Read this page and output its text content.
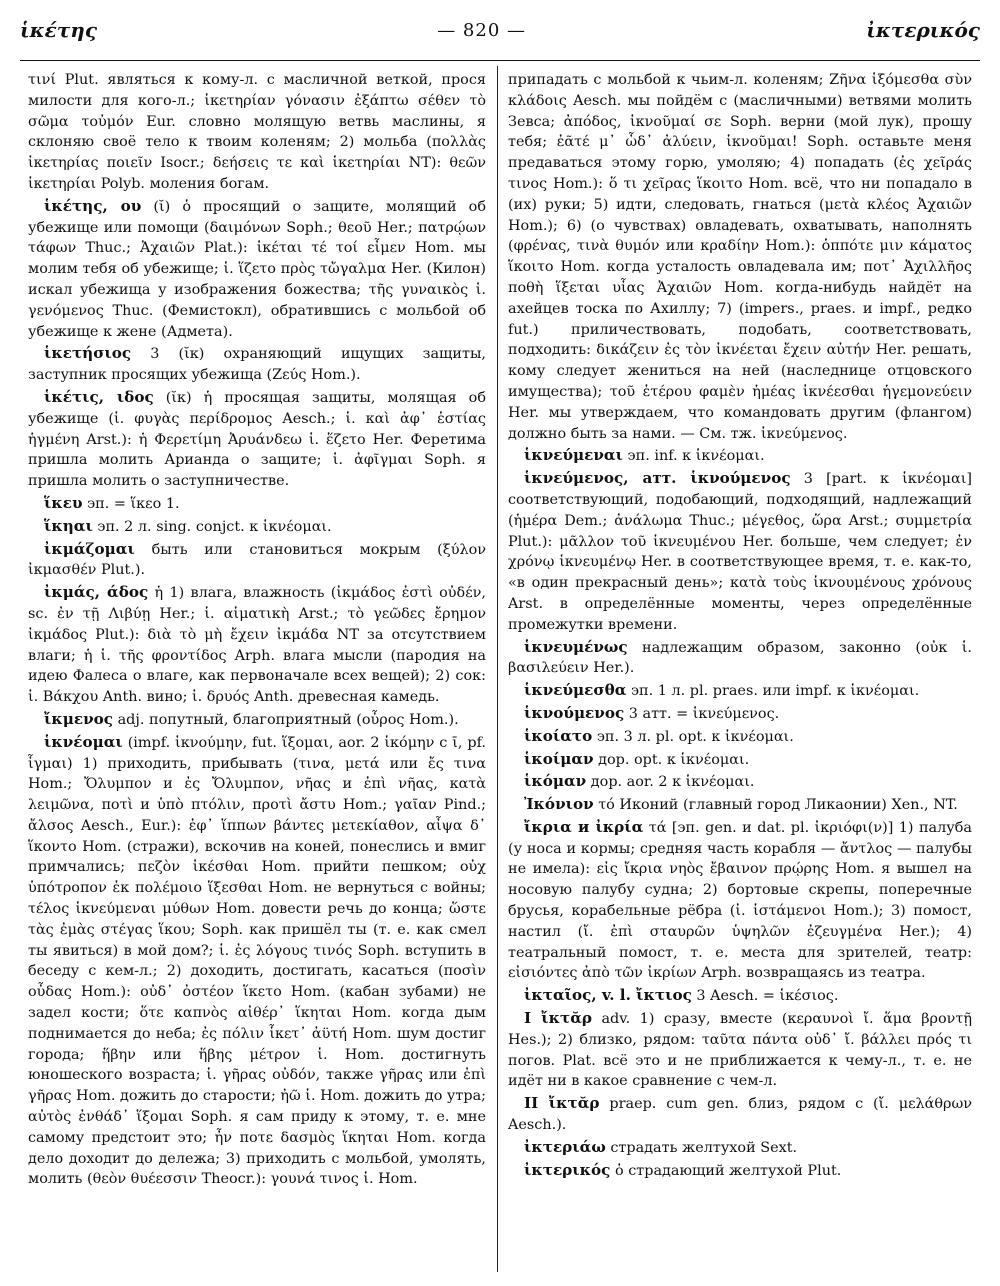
ἱκέτης	— 820 —	ἰκτερικός

τινί Plut. являться к кому-л. с масличной веткой, прося милости для кого-л.; ἱκετηρίαν γόνασιν ἐξάπτω σέθεν τὸ σῶμα τοὐμόν Eur. словно молящую ветвь маслины, я склоняю своё тело к твоим коленям; 2) мольба (πολλὰς ἱκετηρίας ποιεῖν Isocr.; δεήσεις τε καὶ ἱκετηρίαι NT): θεῶν ἱκετηρίαι Polyb. моления богам.

ἱκέτης, ου (ῐ) ὁ просящий о защите, молящий об убежище или помощи (δαιμόνων Soph.; θεοῦ Her.; πατρῴων τάφων Thuc.; Ἀχαιῶν Plat.): ἱκέται τέ τοί εἶμεν Hom. мы молим тебя об убежище; ἱ. ἵζετο πρὸς τὤγαλμα Her. (Килон) искал убежища у изображения божества; τῆς γυναικὸς ἱ. γενόμενος Thuc. (Фемистокл), обратившись с мольбой об убежище к жене (Адмета).

ἱκετήσιος 3 (ῐκ) охраняющий ищущих защиты, заступник просящих убежища (Ζεύς Hom.).

ἱκέτις, ιδος (ῐκ) ἡ просящая защиты, молящая об убежище (ἱ. φυγὰς περίδρομος Aesch.; ἱ. καὶ ἀφ᾽ ἑστίας ἡγμένη Arst.): ἡ Φερετίμη Ἀρυάνδεω ἱ. ἕζετο Her. Феретима пришла молить Арианда о защите; ἱ. ἀφῖγμαι Soph. я пришла молить о заступничестве.

ἵκευ эп. = ἵκεο 1.

ἵκηαι эп. 2 л. sing. conjct. к ἱκνέομαι.

ἰκμάζομαι быть или становиться мокрым (ξύλον ἰκμασθέν Plut.).

ἰκμάς, άδος ἡ 1) влага, влажность (ἰκμάδος ἐστὶ οὐδέν, sc. ἐν τῇ Λιβύῃ Her.; ἱ. αἱματικὴ Arst.; τὸ γεῶδες ἔρημον ἰκμάδος Plut.): διὰ τὸ μὴ ἔχειν ἰκμάδα NT за отсутствием влаги; ἡ ἱ. τῆς φροντίδος Arph. влага мысли (пародия на идею Фалеса о влаге, как первоначале всех вещей); 2) сок: ἱ. Βάκχου Anth. вино; ἱ. δρυός Anth. древесная камедь.

ἴκμενος adj. попутный, благоприятный (οὖρος Hom.).

ἱκνέομαι (impf. ἱκνούμην, fut. ἵξομαι, aor. 2 ἱκόμην с ῑ, pf. ἷγμαι) 1) приходить, прибывать (τινα, μετά или ἔς τινα Hom.; Ὄλυμπον и ἐς Ὄλυμπον, νῆας и ἐπὶ νῆας, κατὰ λειμῶνα, ποτὶ и ὑπὸ πτόλιν, προτὶ ἄστυ Hom.; γαῖαν Pind.; ἄλσος Aesch., Eur.): ἐφ᾽ ἵππων βάντες μετεκίαθον, αἶψα δ᾽ ἵκοντο Hom. (стражи), вскочив на коней, понеслись и вмиг примчались; πεζὸν ἱκέσθαι Hom. прийти пешком; οὐχ ὑπότροπον ἐκ πολέμοιο ἵξεσθαι Hom. не вернуться с войны; τέλος ἱκνεύμεναι μύθων Hom. довести речь до конца; ὥστε τὰς ἐμὰς στέγας ἵκου; Soph. как пришёл ты (т. е. как смел ты явиться) в мой дом?; ἱ. ἐς λόγους τινός Soph. вступить в беседу с кем-л.; 2) доходить, достигать, касаться (ποσὶν οὖδας Hom.): οὐδ᾽ ὀστέον ἵκετο Hom. (кабан зубами) не задел кости; ὅτε καπνὸς αἰθέρ᾽ ἵκηται Hom. когда дым поднимается до неба; ἐς πόλιν ἷκετ᾽ ἀϋτή Hom. шум достиг города; ἥβην или ἥβης μέτρον ἱ. Hom. достигнуть юношеского возраста; ἱ. γῆρας οὐδόν, также γῆρας или ἐπὶ γῆρας Hom. дожить до старости; ἠῶ ἱ. Hom. дожить до утра; αὐτὸς ἐνθάδ᾽ ἵξομαι Soph. я сам приду к этому, т. е. мне самому предстоит это; ἦν ποτε δασμὸς ἵκηται Hom. когда дело доходит до дележа; 3) приходить с мольбой, умолять, молить (θεὸν θυέεσσιν Theocr.): γουνά τινος ἱ. Hom.

припадать с мольбой к чьим-л. коленям; Ζῆνα ἱξόμεσθα σὺν κλάδοις Aesch. мы пойдём с (масличными) ветвями молить Зевса; ἀπόδος, ἱκνοῦμαί σε Soph. верни (мой лук), прошу тебя; ἐᾶτέ μ᾽ ὧδ᾽ ἀλύειν, ἱκνοῦμαι! Soph. оставьте меня предаваться этому горю, умоляю; 4) попадать (ἐς χεῖράς τινος Hom.): ὅ τι χεῖρας ἵκοιτο Hom. всё, что ни попадало в (их) руки; 5) идти, следовать, гнаться (μετὰ κλέος Ἀχαιῶν Hom.); 6) (о чувствах) овладевать, охватывать, наполнять (φρένας, τινὰ θυμόν или κραδίην Hom.): ὁππότε μιν κάματος ἵκοιτο Hom. когда усталость овладевала им; ποτ᾽ Ἀχιλλῆος ποθὴ ἵξεται υἷας Ἀχαιῶν Hom. когда-нибудь найдёт на ахейцев тоска по Ахиллу; 7) (impers., praes. и impf., редко fut.) приличествовать, подобать, соответствовать, подходить: δικάζειν ἐς τὸν ἱκνέεται ἔχειν αὐτήν Her. решать, кому следует жениться на ней (наследнице отцовского имущества); τοῦ ἑτέρου φαμὲν ἡμέας ἱκνέεσθαι ἡγεμονεύειν Her. мы утверждаем, что командовать другим (флангом) должно быть за нами. — См. тж. ἱκνεύμενος.

ἱκνεύμεναι эп. inf. к ἱκνέομαι.

ἱκνεύμενος, атт. ἱκνούμενος 3 [part. к ἱκνέομαι] соответствующий, подобающий, подходящий, надлежащий (ἡμέρα Dem.; ἀνάλωμα Thuc.; μέγεθος, ὥρα Arst.; συμμετρία Plut.): μᾶλλον τοῦ ἱκνευμένου Her. больше, чем следует; ἐν χρόνῳ ἱκνευμένῳ Her. в соответствующее время, т. е. как-то, «в один прекрасный день»; κατὰ τοὺς ἱκνουμένους χρόνους Arst. в определённые моменты, через определённые промежутки времени.

ἱκνευμένως надлежащим образом, законно (οὐκ ἱ. βασιλεύειν Her.).

ἱκνεύμεσθα эп. 1 л. pl. praes. или impf. к ἱκνέομαι.

ἱκνούμενος 3 атт. = ἱκνεύμενος.

ἱκοίατο эп. 3 л. pl. opt. к ἱκνέομαι.

ἱκοίμαν дор. opt. к ἱκνέομαι.

ἱκόμαν дор. aor. 2 к ἱκνέομαι.

Ἰκόνιον τό Иконий (главный город Ликаонии) Xen., NT.

ἴκρια и ἰκρία τά [эп. gen. и dat. pl. ἰκριόφι(ν)] 1) палуба (у носа и кормы; средняя часть корабля — ἄντλος — палубы не имела): εἰς ἴκρια νηὸς ἔβαινον πρῴρης Hom. я вышел на носовую палубу судна; 2) бортовые скрепы, поперечные брусья, корабельные рёбра (ἰ. ἱστάμενοι Hom.); 3) помост, настил (ἴ. ἐπὶ σταυρῶν ὑψηλῶν ἐζευγμένα Her.); 4) театральный помост, т. е. места для зрителей, театр: εἰσιόντες ἀπὸ τῶν ἰκρίων Arph. возвращаясь из театра.

ἰκταῖος, v. l. ἴκτιος 3 Aesch. = ἱκέσιος.

I ἴκτᾰρ adv. 1) сразу, вместе (κεραυνοὶ ἴ. ἅμα βροντῇ Hes.); 2) близко, рядом: ταῦτα πάντα οὐδ᾽ ἴ. βάλλει πρός τι погов. Plat. всё это и не приближается к чему-л., т. е. не идёт ни в какое сравнение с чем-л.

II ἴκτᾰρ praep. cum gen. близ, рядом с (ἴ. μελάθρων Aesch.).

ἰκτεριάω страдать желтухой Sext.

ἰκτερικός ὁ страдающий желтухой Plut.
